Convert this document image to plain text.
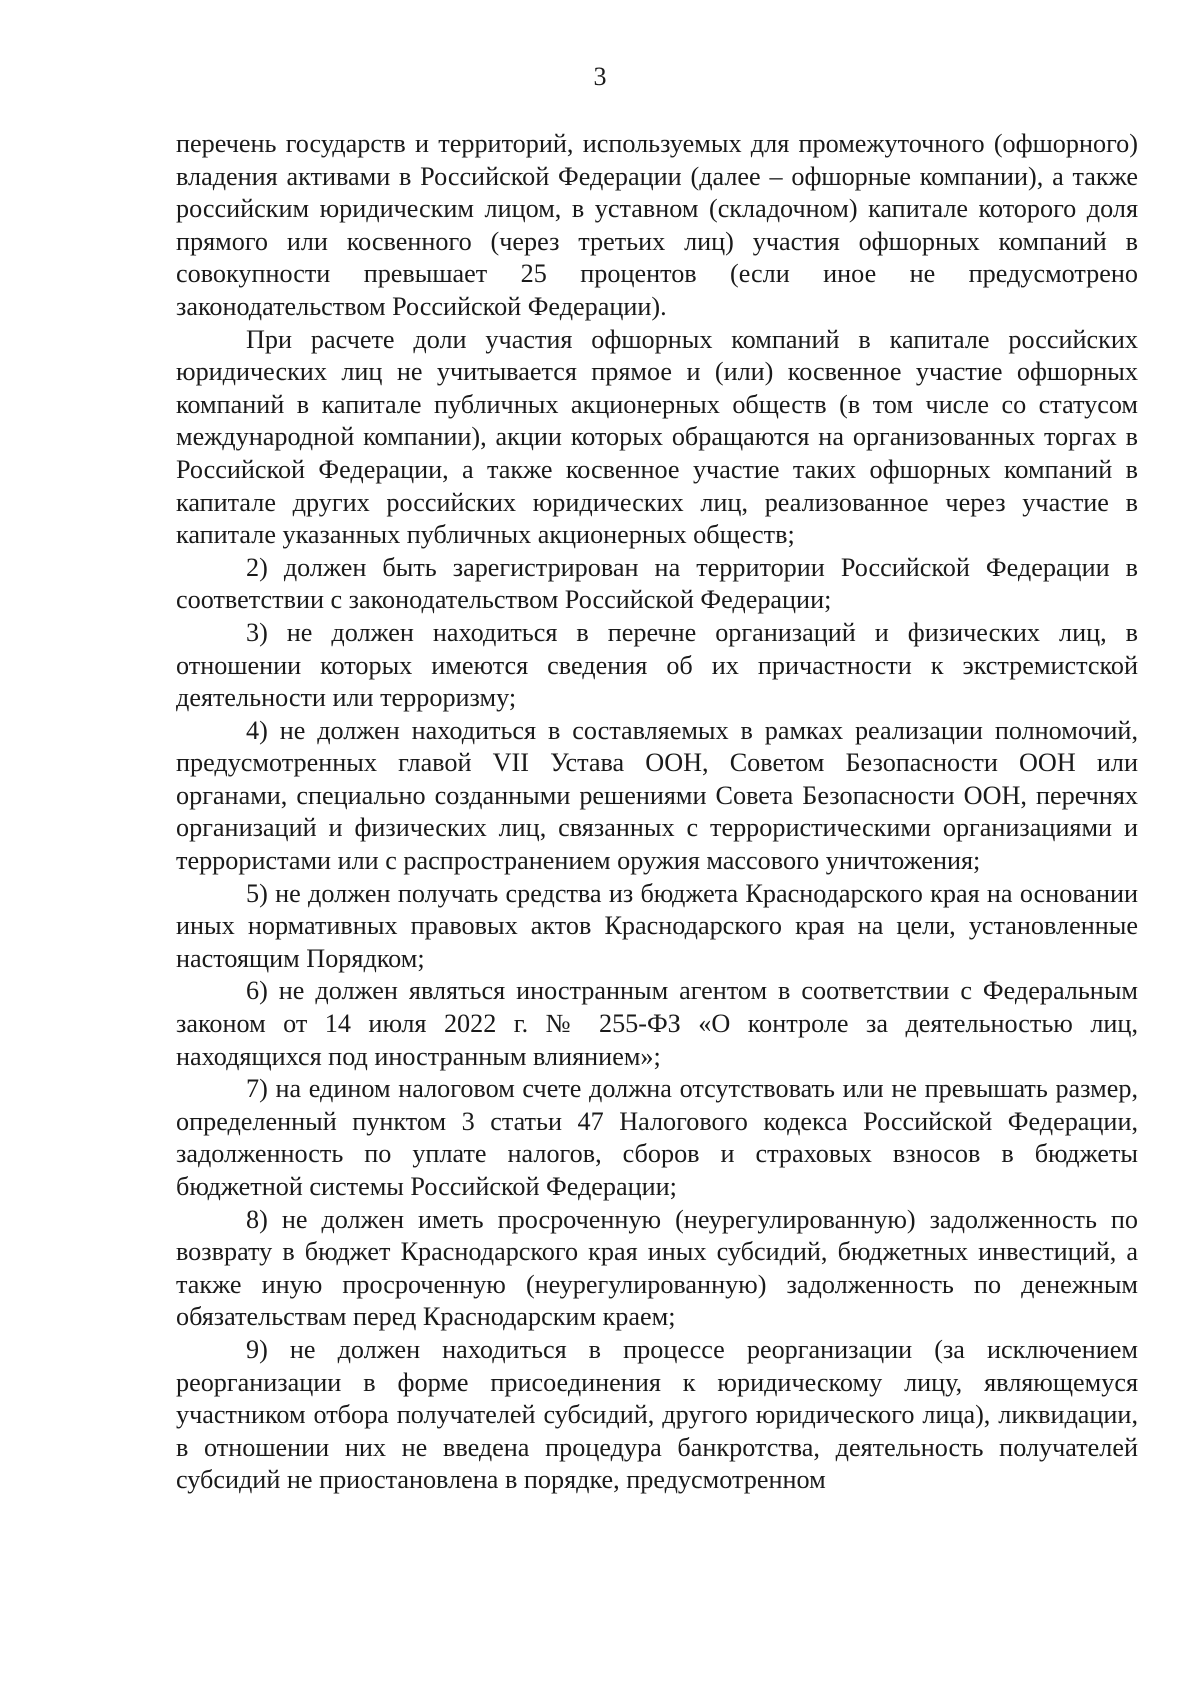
3

перечень государств и территорий, используемых для промежуточного (офшорного) владения активами в Российской Федерации (далее – офшорные компании), а также российским юридическим лицом, в уставном (складочном) капитале которого доля прямого или косвенного (через третьих лиц) участия офшорных компаний в совокупности превышает 25 процентов (если иное не предусмотрено законодательством Российской Федерации).

При расчете доли участия офшорных компаний в капитале российских юридических лиц не учитывается прямое и (или) косвенное участие офшорных компаний в капитале публичных акционерных обществ (в том числе со статусом международной компании), акции которых обращаются на организованных торгах в Российской Федерации, а также косвенное участие таких офшорных компаний в капитале других российских юридических лиц, реализованное через участие в капитале указанных публичных акционерных обществ;

2) должен быть зарегистрирован на территории Российской Федерации в соответствии с законодательством Российской Федерации;

3) не должен находиться в перечне организаций и физических лиц, в отношении которых имеются сведения об их причастности к экстремистской деятельности или терроризму;

4) не должен находиться в составляемых в рамках реализации полномочий, предусмотренных главой VII Устава ООН, Советом Безопасности ООН или органами, специально созданными решениями Совета Безопасности ООН, перечнях организаций и физических лиц, связанных с террористическими организациями и террористами или с распространением оружия массового уничтожения;

5) не должен получать средства из бюджета Краснодарского края на основании иных нормативных правовых актов Краснодарского края на цели, установленные настоящим Порядком;

6) не должен являться иностранным агентом в соответствии с Федеральным законом от 14 июля 2022 г. № 255-ФЗ «О контроле за деятельностью лиц, находящихся под иностранным влиянием»;

7) на едином налоговом счете должна отсутствовать или не превышать размер, определенный пунктом 3 статьи 47 Налогового кодекса Российской Федерации, задолженность по уплате налогов, сборов и страховых взносов в бюджеты бюджетной системы Российской Федерации;

8) не должен иметь просроченную (неурегулированную) задолженность по возврату в бюджет Краснодарского края иных субсидий, бюджетных инвестиций, а также иную просроченную (неурегулированную) задолженность по денежным обязательствам перед Краснодарским краем;

9) не должен находиться в процессе реорганизации (за исключением реорганизации в форме присоединения к юридическому лицу, являющемуся участником отбора получателей субсидий, другого юридического лица), ликвидации, в отношении них не введена процедура банкротства, деятельность получателей субсидий не приостановлена в порядке, предусмотренном
